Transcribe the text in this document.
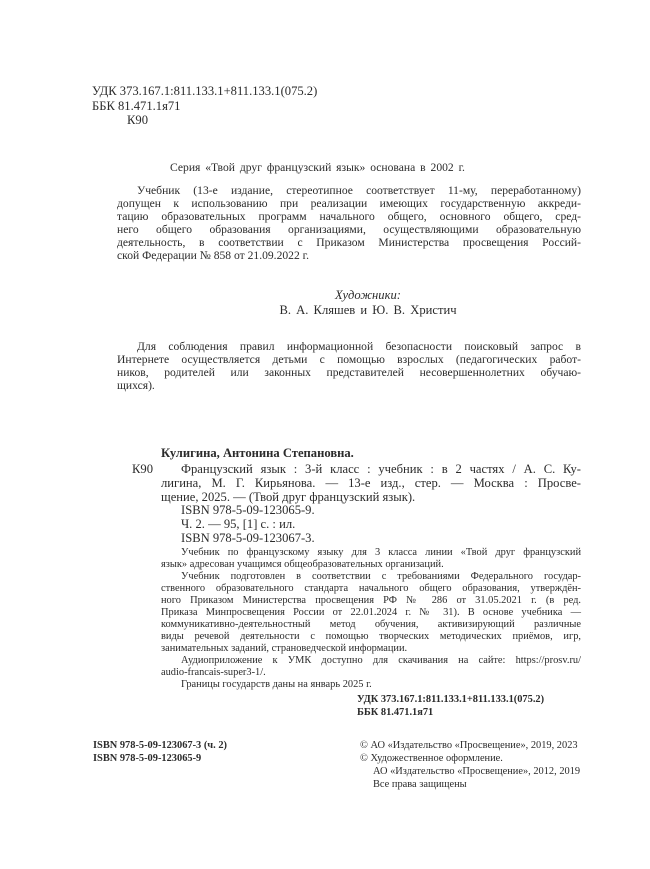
УДК 373.167.1:811.133.1+811.133.1(075.2)
ББК 81.471.1я71
К90
Серия «Твой друг французский язык» основана в 2002 г.
Учебник (13-е издание, стереотипное соответствует 11-му, переработанному)
допущен к использованию при реализации имеющих государственную аккреди-
тацию образовательных программ начального общего, основного общего, сред-
него общего образования организациями, осуществляющими образовательную
деятельность, в соответствии с Приказом Министерства просвещения Россий-
ской Федерации № 858 от 21.09.2022 г.
Художники:
В. А. Кляшев и Ю. В. Христич
Для соблюдения правил информационной безопасности поисковый запрос в
Интернете осуществляется детьми с помощью взрослых (педагогических работ-
ников, родителей или законных представителей несовершеннолетних обучаю-
щихся).
Кулигина, Антонина Степановна.
К90 Французский язык : 3-й класс : учебник : в 2 частях / А. С. Ку-
лигина, М. Г. Кирьянова. — 13-е изд., стер. — Москва : Просве-
щение, 2025. — (Твой друг французский язык).
ISBN 978-5-09-123065-9.
Ч. 2. — 95, [1] с. : ил.
ISBN 978-5-09-123067-3.
Учебник по французскому языку для 3 класса линии «Твой друг французский
язык» адресован учащимся общеобразовательных организаций.
Учебник подготовлен в соответствии с требованиями Федерального государ-
ственного образовательного стандарта начального общего образования, утверждён-
ного Приказом Министерства просвещения РФ № 286 от 31.05.2021 г. (в ред.
Приказа Минпросвещения России от 22.01.2024 г. № 31). В основе учебника —
коммуникативно-деятельностный метод обучения, активизирующий различные
виды речевой деятельности с помощью творческих методических приёмов, игр,
занимательных заданий, страноведческой информации.
Аудиоприложение к УМК доступно для скачивания на сайте: https://prosv.ru/
audio-francais-super3-1/.
Границы государств даны на январь 2025 г.
УДК 373.167.1:811.133.1+811.133.1(075.2)
ББК 81.471.1я71
ISBN 978-5-09-123067-3 (ч. 2)
ISBN 978-5-09-123065-9
© АО «Издательство «Просвещение», 2019, 2023
© Художественное оформление.
АО «Издательство «Просвещение», 2012, 2019
Все права защищены
